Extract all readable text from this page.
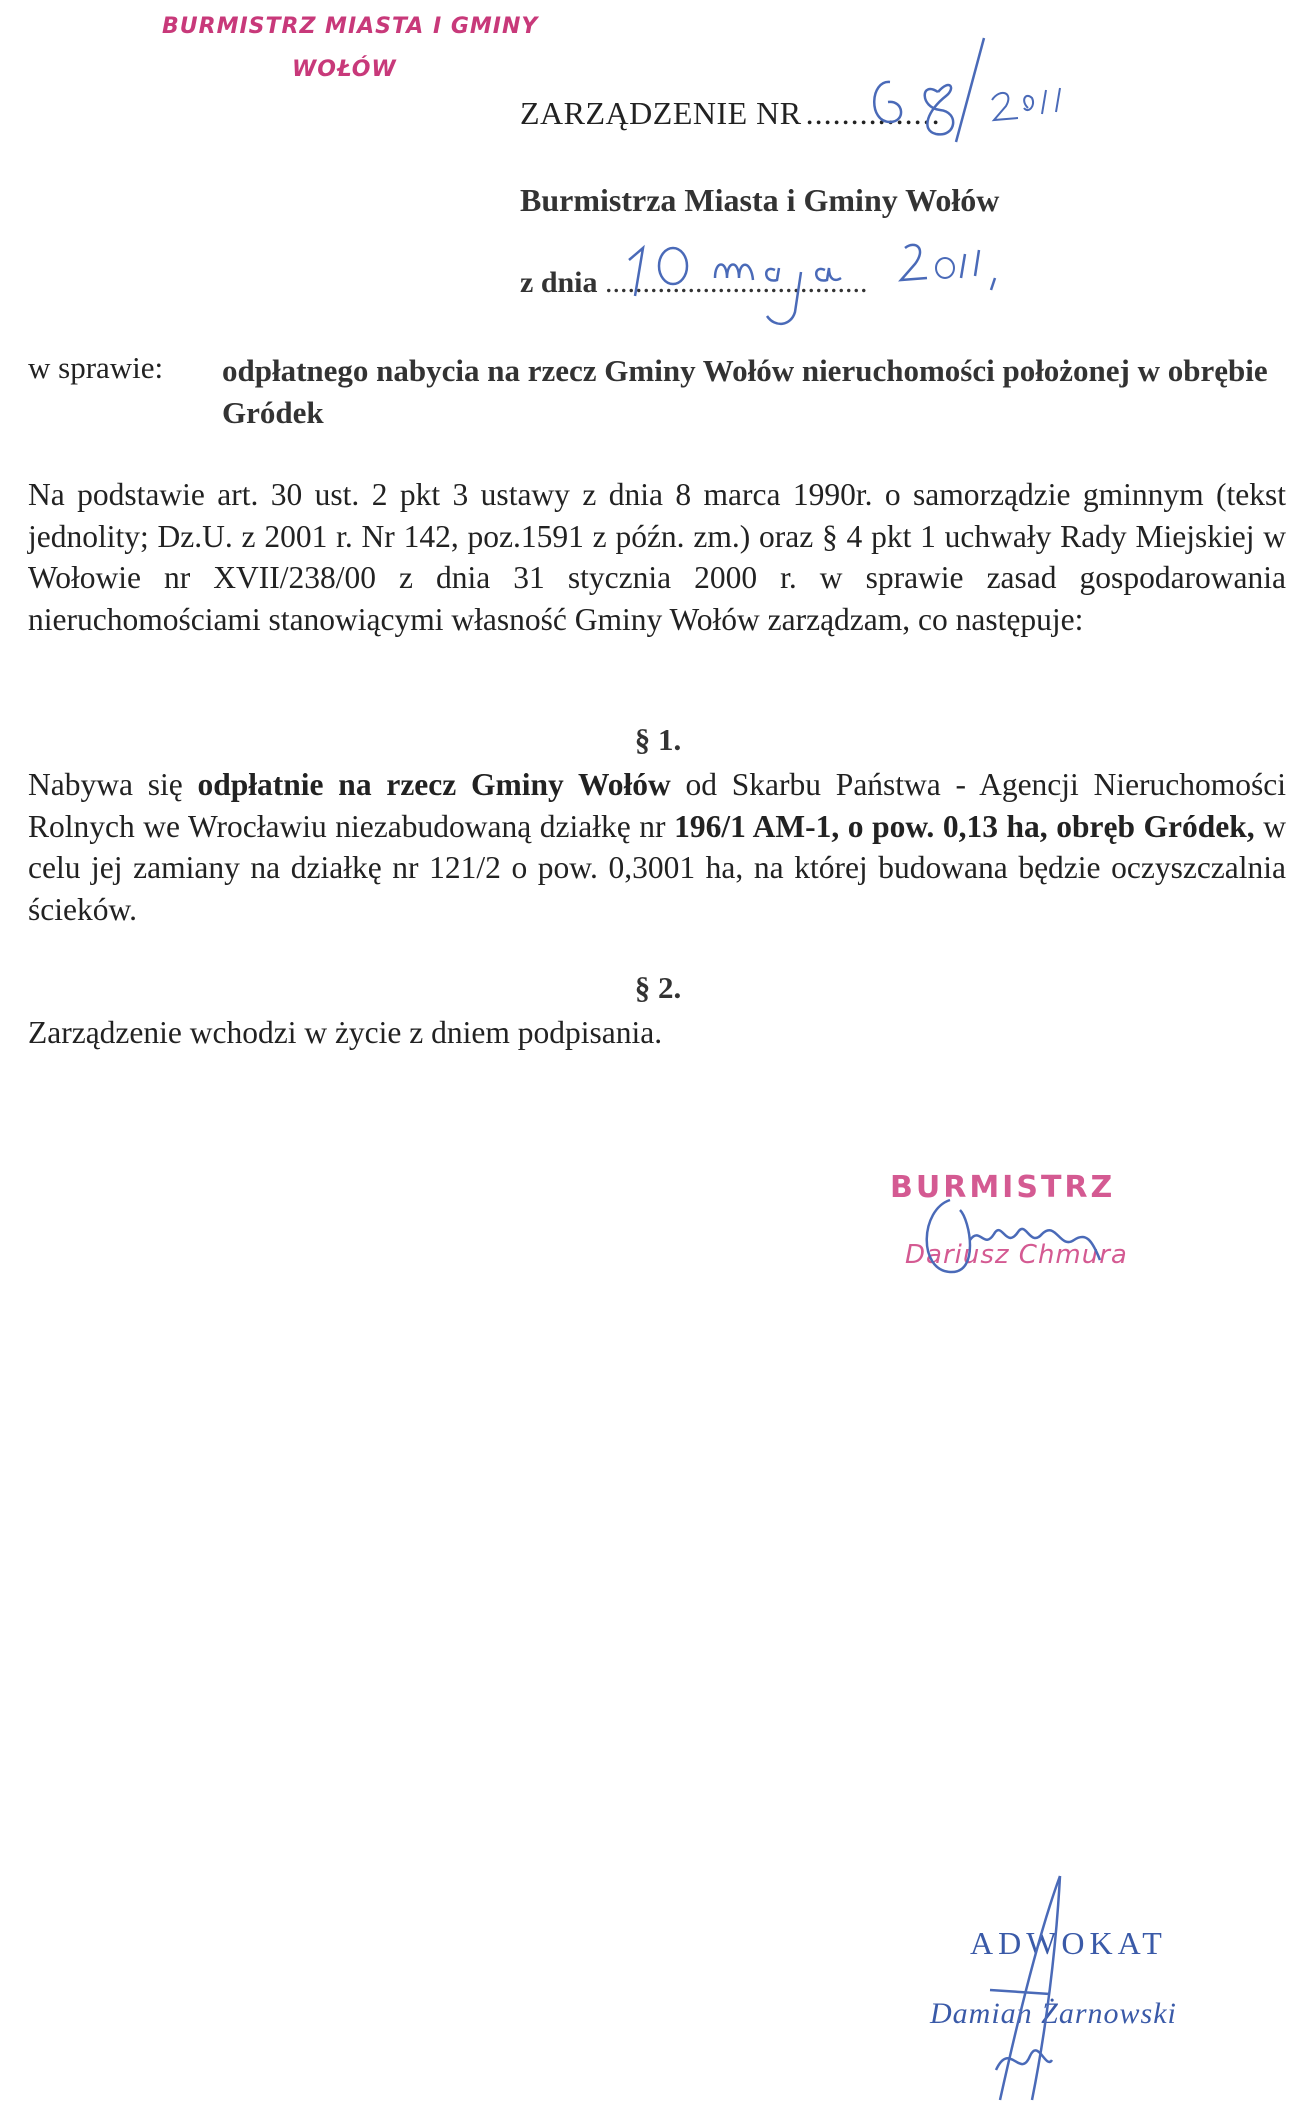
BURMISTRZ MIASTA I GMINY
WOŁÓW
ZARZĄDZENIE NR ...............
Burmistrza Miasta i Gminy Wołów
z dnia ...................................
w sprawie: odpłatnego nabycia na rzecz Gminy Wołów nieruchomości położonej w obrębie Gródek
Na podstawie art. 30 ust. 2 pkt 3 ustawy z dnia 8 marca 1990r. o samorządzie gminnym (tekst jednolity; Dz.U. z 2001 r. Nr 142, poz.1591 z późn. zm.) oraz § 4 pkt 1 uchwały Rady Miejskiej w Wołowie nr XVII/238/00 z dnia 31 stycznia 2000 r. w sprawie zasad gospodarowania nieruchomościami stanowiącymi własność Gminy Wołów zarządzam, co następuje:
§ 1.
Nabywa się odpłatnie na rzecz Gminy Wołów od Skarbu Państwa - Agencji Nieruchomości Rolnych we Wrocławiu niezabudowaną działkę nr 196/1 AM-1, o pow. 0,13 ha, obręb Gródek, w celu jej zamiany na działkę nr 121/2 o pow. 0,3001 ha, na której budowana będzie oczyszczalnia ścieków.
§ 2.
Zarządzenie wchodzi w życie z dniem podpisania.
BURMISTRZ
Dariusz Chmura
ADWOKAT
Damian Żarnowski
